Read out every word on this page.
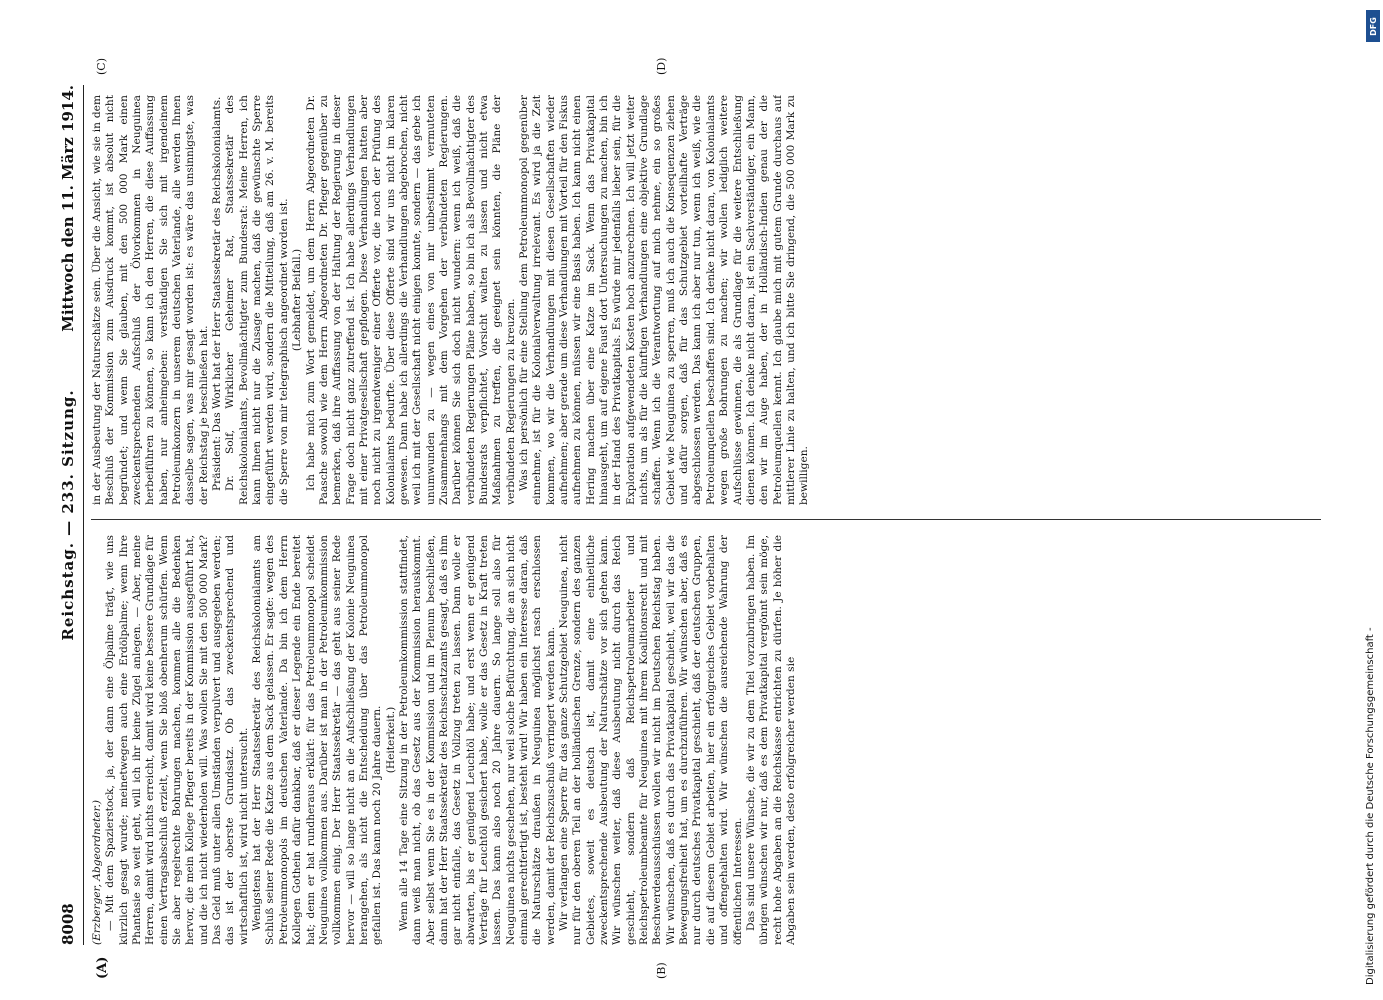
8008
Reichstag. — 233. Sitzung.
Mittwoch den 11. März 1914.
(A)	(B)
(C)	(D)

(Erzberger, Abgeordneter.) — Mit dem Spazierstock, ja, der dann eine Ölpalme trägt, wie uns kürzlich gesagt wurde; meinetwegen auch eine Erdölpalme; wenn Ihre Phantasie so weit geht, will ich ihr keine Zügel anlegen. — Aber, meine Herren, damit wird nichts erreicht, damit wird keine bessere Grundlage für einen Vertragsabschluß erzielt, wenn Sie bloß obenherum schürfen. Wenn Sie aber regelrechte Bohrungen machen, kommen alle die Bedenken hervor, die mein Kollege Pfleger bereits in der Kommission ausgeführt hat, und die ich nicht wiederholen will. Was wollen Sie mit den 500 000 Mark? Das Geld muß unter allen Umständen verpulvert und ausgegeben werden; das ist der oberste Grundsatz. Ob das zweckentsprechend und wirtschaftlich ist, wird nicht untersucht. Wenigstens hat der Herr Staatssekretär des Reichskolonialamts am Schluß seiner Rede die Katze aus dem Sack gelassen. Er sagte: wegen des Petroleummonopols im deutschen Vaterlande. Da bin ich dem Herrn Kollegen Gothein dafür dankbar, daß er dieser Legende ein Ende bereitet hat; denn er hat rundheraus erklärt: für das Petroleummonopol scheidet Neuguinea vollkommen aus. Darüber ist man in der Petroleumkommission vollkommen einig. Der Herr Staatssekretär — das geht aus seiner Rede hervor — will so lange nicht an die Aufschließung der Kolonie Neuguinea herangehen, als nicht die Entscheidung über das Petroleummonopol gefallen ist. Das kann noch 20 Jahre dauern. (Heiterkeit.) Wenn alle 14 Tage eine Sitzung in der Petroleumkommission stattfindet, dann weiß man nicht, ob das Gesetz aus der Kommission herauskommt. Aber selbst wenn Sie es in der Kommission und im Plenum beschließen, dann hat der Herr Staatssekretär des Reichsschatzamts gesagt, daß es ihm gar nicht einfalle, das Gesetz in Vollzug treten zu lassen. Dann wolle er abwarten, bis er genügend Leuchtöl habe; und erst wenn er genügend Verträge für Leuchtöl gesichert habe, wolle er das Gesetz in Kraft treten lassen. Das kann also noch 20 Jahre dauern. So lange soll also für Neuguinea nichts geschehen, nur weil solche Befürchtung, die an sich nicht einmal gerechtfertigt ist, besteht wird! Wir haben ein Interesse daran, daß die Naturschätze draußen in Neuguinea möglichst rasch erschlossen werden, damit der Reichszuschuß verringert werden kann. Wir verlangen eine Sperre für das ganze Schutzgebiet Neuguinea, nicht nur für den oberen Teil an der holländischen Grenze, sondern des ganzen Gebietes, soweit es deutsch ist, damit eine einheitliche zweckentsprechende Ausbeutung der Naturschätze vor sich gehen kann. Wir wünschen weiter, daß diese Ausbeutung nicht durch das Reich geschieht, sondern daß Reichspetroleumarbeiter und Reichspetroleumbeamte für Neuguinea mit ihrem Koalitionsrecht und mit Beschwerdeausschüssen wollen wir nicht im Deutschen Reichstag haben. Wir wünschen, daß es durch das Privatkapital geschieht, weil wir das die Bewegungsfreiheit hat, um es durchzuführen. Wir wünschen aber, daß es nur durch deutsches Privatkapital geschieht, daß der deutschen Gruppen, die auf diesem Gebiet arbeiten, hier ein erfolgreiches Gebiet vorbehalten und offengehalten wird. Wir wünschen die ausreichende Wahrung der öffentlichen Interessen. Das sind unsere Wünsche, die wir zu dem Titel vorzubringen haben. Im übrigen wünschen wir nur, daß es dem Privatkapital vergönnt sein möge, recht hohe Abgaben an die Reichskasse entrichten zu dürfen. Je höher die Abgaben sein werden, desto erfolgreicher werden sie

in der Ausbeutung der Naturschätze sein. Über die Ansicht, wie sie in dem Beschluß der Kommission zum Ausdruck kommt, ist absolut nicht begründet; und wenn Sie glauben, mit den 500 000 Mark einen zweckentsprechenden Aufschluß der Ölvorkommen in Neuguinea herbeiführen zu können, so kann ich den Herren, die diese Auffassung haben, nur anheimgeben: verständigen Sie sich mit irgendeinem Petroleumkonzern in unserem deutschen Vaterlande, alle werden Ihnen dasselbe sagen, was mir gesagt worden ist: es wäre das unsinnigste, was der Reichstag je beschließen hat. Präsident: Das Wort hat der Herr Staatssekretär des Reichskolonialamts. Dr. Solf, Wirklicher Geheimer Rat, Staatssekretär des Reichskolonialamts, Bevollmächtigter zum Bundesrat: Meine Herren, ich kann Ihnen nicht nur die Zusage machen, daß die gewünschte Sperre eingeführt werden wird, sondern die Mitteilung, daß am 26. v. M. bereits die Sperre von mir telegraphisch angeordnet worden ist. (Lebhafter Beifall.) Ich habe mich zum Wort gemeldet, um dem Herrn Abgeordneten Dr. Paasche sowohl wie dem Herrn Abgeordneten Dr. Pfleger gegenüber zu bemerken, daß ihre Auffassung von der Haltung der Regierung in dieser Frage doch nicht ganz zutreffend ist. Ich habe allerdings Verhandlungen mit einer Privatgesellschaft gepflogen. Diese Verhandlungen hatten aber noch nicht zu irgendweniger einer Offerte vor, die noch der Prüfung des Kolonialamts bedurfte. Über diese Offerte sind wir uns nicht im klaren gewesen. Dann habe ich allerdings die Verhandlungen abgebrochen, nicht weil ich mit der Gesellschaft nicht einigen konnte, sondern — das gebe ich unumwunden zu — wegen eines von mir unbestimmt vermuteten Zusammenhangs mit dem Vorgehen der verbündeten Regierungen. Darüber können Sie sich doch nicht wundern: wenn ich weiß, daß die verbündeten Regierungen Pläne haben, so bin ich als Bevollmächtigter des Bundesrats verpflichtet, Vorsicht walten zu lassen und nicht etwa Maßnahmen zu treffen, die geeignet sein könnten, die Pläne der verbündeten Regierungen zu kreuzen. Was ich persönlich für eine Stellung dem Petroleummonopol gegenüber einnehme, ist für die Kolonialverwaltung irrelevant. Es wird ja die Zeit kommen, wo wir die Verhandlungen mit diesen Gesellschaften wieder aufnehmen; aber gerade um diese Verhandlungen mit Vorteil für den Fiskus aufnehmen zu können, müssen wir eine Basis haben. Ich kann nicht einen Hering machen über eine Katze im Sack. Wenn das Privatkapital hinausgeht, um auf eigene Faust dort Untersuchungen zu machen, bin ich in der Hand des Privatkapitals. Es würde mir jedenfalls lieber sein, für die Exploration aufgewendeten Kosten hoch anzurechnen. Ich will jetzt weiter nichts, um als für die künftigen Verhandlungen eine objektive Grundlage schaffen. Wenn ich die Verantwortung auf mich nehme, ein so großes Gebiet wie Neuguinea zu sperren, muß ich auch die Konsequenzen ziehen und dafür sorgen, daß für das Schutzgebiet vorteilhafte Verträge abgeschlossen werden. Das kann ich aber nur tun, wenn ich weiß, wie die Petroleumquellen beschaffen sind. Ich denke nicht daran, von Kolonialamts wegen große Bohrungen zu machen; wir wollen lediglich weitere Aufschlüsse gewinnen, die als Grundlage für die weitere Entschließung dienen können. Ich denke nicht daran, ist ein Sachverständiger, ein Mann, den wir im Auge haben, der in Holländisch-Indien genau der die Petroleumquellen kennt. Ich glaube mich mit gutem Grunde durchaus auf mittlerer Linie zu halten, und ich bitte Sie dringend, die 500 000 Mark zu bewilligen.

Digitalisierung gefördert durch die Deutsche Forschungsgemeinschaft -
DFG
